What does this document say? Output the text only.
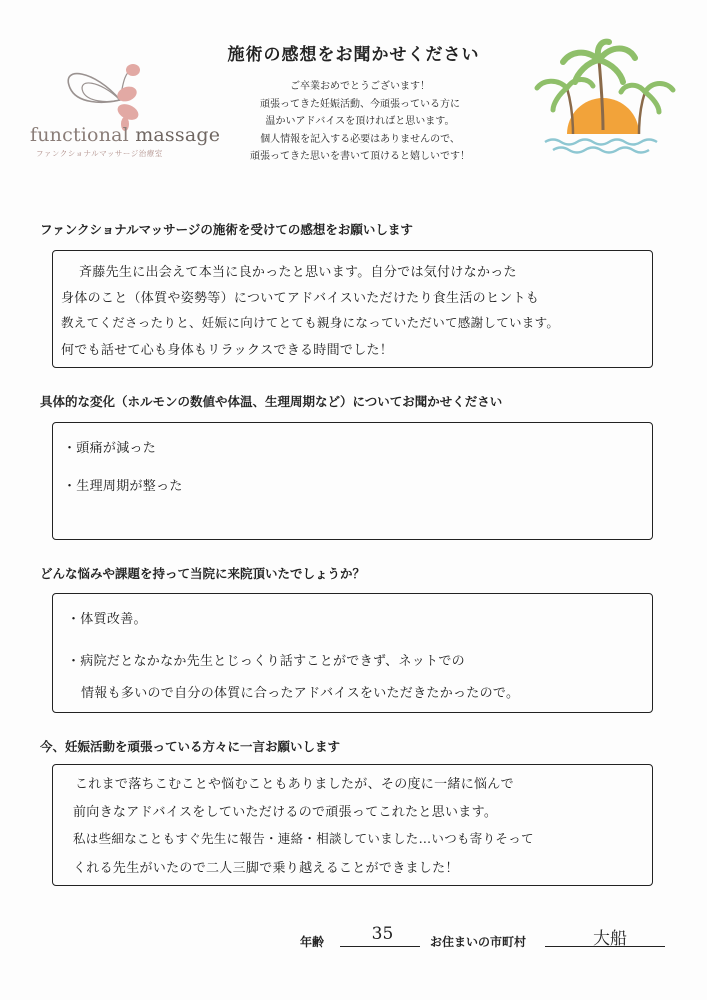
施術の感想をお聞かせください
ご卒業おめでとうございます！
頑張ってきた妊娠活動、今頑張っている方に
温かいアドバイスを頂ければと思います。
個人情報を記入する必要はありませんので、
頑張ってきた思いを書いて頂けると嬉しいです！
functional massage
ファンクショナルマッサージ治療室
ファンクショナルマッサージの施術を受けての感想をお願いします
斉藤先生に出会えて本当に良かったと思います。自分では気付けなかった
身体のこと（体質や姿勢等）についてアドバイスいただけたり食生活のヒントも
教えてくださったりと、妊娠に向けてとても親身になっていただいて感謝しています。
何でも話せて心も身体もリラックスできる時間でした！
具体的な変化（ホルモンの数値や体温、生理周期など）についてお聞かせください
・頭痛が減った
・生理周期が整った
どんな悩みや課題を持って当院に来院頂いたでしょうか？
・体質改善。
・病院だとなかなか先生とじっくり話すことができず、ネットでの
情報も多いので自分の体質に合ったアドバイスをいただきたかったので。
今、妊娠活動を頑張っている方々に一言お願いします
これまで落ちこむことや悩むこともありましたが、その度に一緒に悩んで
前向きなアドバイスをしていただけるので頑張ってこれたと思います。
私は些細なこともすぐ先生に報告・連絡・相談していました…いつも寄りそって
くれる先生がいたので二人三脚で乗り越えることができました！
年齢	35	お住まいの市町村	大船
